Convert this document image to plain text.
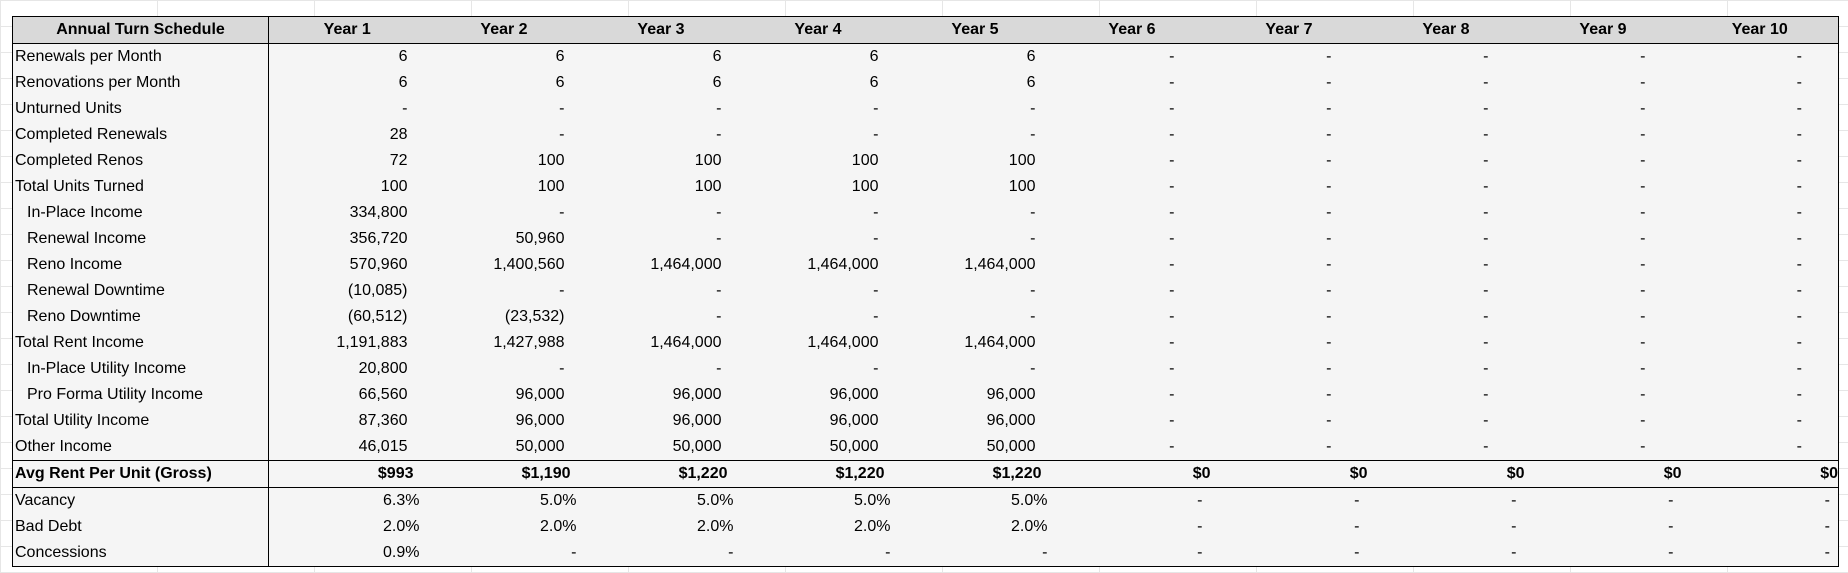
Annual Turn Schedule	Year 1	Year 2	Year 3	Year 4	Year 5	Year 6	Year 7	Year 8	Year 9	Year 10
Renewals per Month	6	6	6	6	6	-	-	-	-	-
Renovations per Month	6	6	6	6	6	-	-	-	-	-
Unturned Units	-	-	-	-	-	-	-	-	-	-
Completed Renewals	28	-	-	-	-	-	-	-	-	-
Completed Renos	72	100	100	100	100	-	-	-	-	-
Total Units Turned	100	100	100	100	100	-	-	-	-	-
In-Place Income	334,800	-	-	-	-	-	-	-	-	-
Renewal Income	356,720	50,960	-	-	-	-	-	-	-	-
Reno Income	570,960	1,400,560	1,464,000	1,464,000	1,464,000	-	-	-	-	-
Renewal Downtime	(10,085)	-	-	-	-	-	-	-	-	-
Reno Downtime	(60,512)	(23,532)	-	-	-	-	-	-	-	-
Total Rent Income	1,191,883	1,427,988	1,464,000	1,464,000	1,464,000	-	-	-	-	-
In-Place Utility Income	20,800	-	-	-	-	-	-	-	-	-
Pro Forma Utility Income	66,560	96,000	96,000	96,000	96,000	-	-	-	-	-
Total Utility Income	87,360	96,000	96,000	96,000	96,000	-	-	-	-	-
Other Income	46,015	50,000	50,000	50,000	50,000	-	-	-	-	-
Avg Rent Per Unit (Gross)	$993	$1,190	$1,220	$1,220	$1,220	$0	$0	$0	$0	$0
Vacancy	6.3%	5.0%	5.0%	5.0%	5.0%	-	-	-	-	-
Bad Debt	2.0%	2.0%	2.0%	2.0%	2.0%	-	-	-	-	-
Concessions	0.9%	-	-	-	-	-	-	-	-	-
